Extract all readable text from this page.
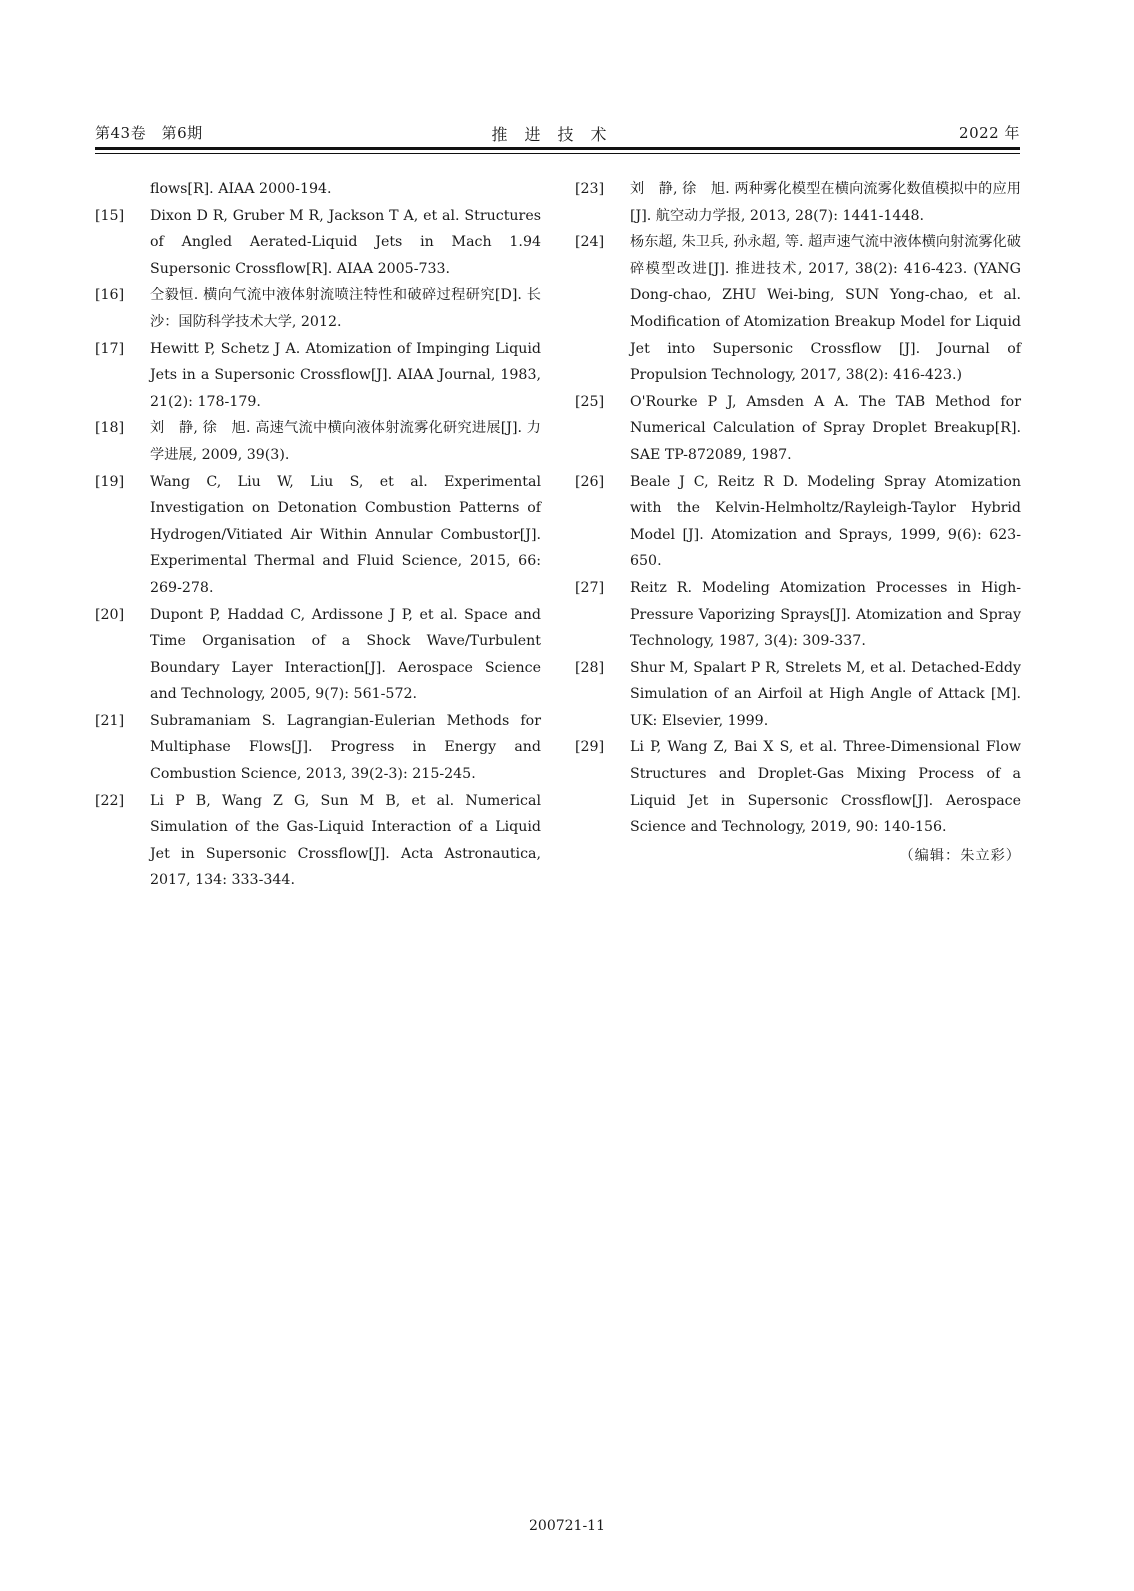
第43卷　第6期	推进技术	2022 年
flows[R]. AIAA 2000-194.
[15]	Dixon D R, Gruber M R, Jackson T A, et al. Structures of Angled Aerated-Liquid Jets in Mach 1.94 Supersonic Crossflow[R]. AIAA 2005-733.
[16]	仝毅恒. 横向气流中液体射流喷注特性和破碎过程研究[D]. 长沙：国防科学技术大学, 2012.
[17]	Hewitt P, Schetz J A. Atomization of Impinging Liquid Jets in a Supersonic Crossflow[J]. AIAA Journal, 1983, 21(2): 178-179.
[18]	刘　静, 徐　旭. 高速气流中横向液体射流雾化研究进展[J]. 力学进展, 2009, 39(3).
[19]	Wang C, Liu W, Liu S, et al. Experimental Investigation on Detonation Combustion Patterns of Hydrogen/Vitiated Air Within Annular Combustor[J]. Experimental Thermal and Fluid Science, 2015, 66: 269-278.
[20]	Dupont P, Haddad C, Ardissone J P, et al. Space and Time Organisation of a Shock Wave/Turbulent Boundary Layer Interaction[J]. Aerospace Science and Technology, 2005, 9(7): 561-572.
[21]	Subramaniam S. Lagrangian-Eulerian Methods for Multiphase Flows[J]. Progress in Energy and Combustion Science, 2013, 39(2-3): 215-245.
[22]	Li P B, Wang Z G, Sun M B, et al. Numerical Simulation of the Gas-Liquid Interaction of a Liquid Jet in Supersonic Crossflow[J]. Acta Astronautica, 2017, 134: 333-344.
[23]	刘　静, 徐　旭. 两种雾化模型在横向流雾化数值模拟中的应用[J]. 航空动力学报, 2013, 28(7): 1441-1448.
[24]	杨东超, 朱卫兵, 孙永超, 等. 超声速气流中液体横向射流雾化破碎模型改进[J]. 推进技术, 2017, 38(2): 416-423. (YANG Dong-chao, ZHU Wei-bing, SUN Yong-chao, et al. Modification of Atomization Breakup Model for Liquid Jet into Supersonic Crossflow [J]. Journal of Propulsion Technology, 2017, 38(2): 416-423.)
[25]	O'Rourke P J, Amsden A A. The TAB Method for Numerical Calculation of Spray Droplet Breakup[R]. SAE TP-872089, 1987.
[26]	Beale J C, Reitz R D. Modeling Spray Atomization with the Kelvin-Helmholtz/Rayleigh-Taylor Hybrid Model [J]. Atomization and Sprays, 1999, 9(6): 623-650.
[27]	Reitz R. Modeling Atomization Processes in High-Pressure Vaporizing Sprays[J]. Atomization and Spray Technology, 1987, 3(4): 309-337.
[28]	Shur M, Spalart P R, Strelets M, et al. Detached-Eddy Simulation of an Airfoil at High Angle of Attack [M]. UK: Elsevier, 1999.
[29]	Li P, Wang Z, Bai X S, et al. Three-Dimensional Flow Structures and Droplet-Gas Mixing Process of a Liquid Jet in Supersonic Crossflow[J]. Aerospace Science and Technology, 2019, 90: 140-156.
（编辑：朱立彩）
200721-11
